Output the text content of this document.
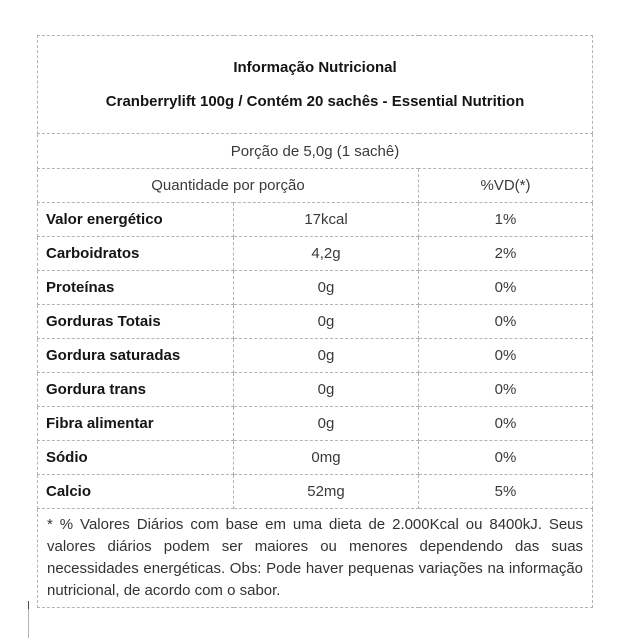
Informação Nutricional
Cranberrylift 100g / Contém 20 sachês - Essential Nutrition		

Porção de 5,0g (1 sachê)		
Quantidade por porção		%VD(*)
Valor energético	17kcal	1%
Carboidratos	4,2g	2%
Proteínas	0g	0%
Gorduras Totais	0g	0%
Gordura saturadas	0g	0%
Gordura trans	0g	0%
Fibra alimentar	0g	0%
Sódio	0mg	0%
Calcio	52mg	5%

* % Valores Diários com base em uma dieta de 2.000Kcal ou 8400kJ. Seus valores diários podem ser maiores ou menores dependendo das suas necessidades energéticas. Obs: Pode haver pequenas variações na informação nutricional, de acordo com o sabor.		
